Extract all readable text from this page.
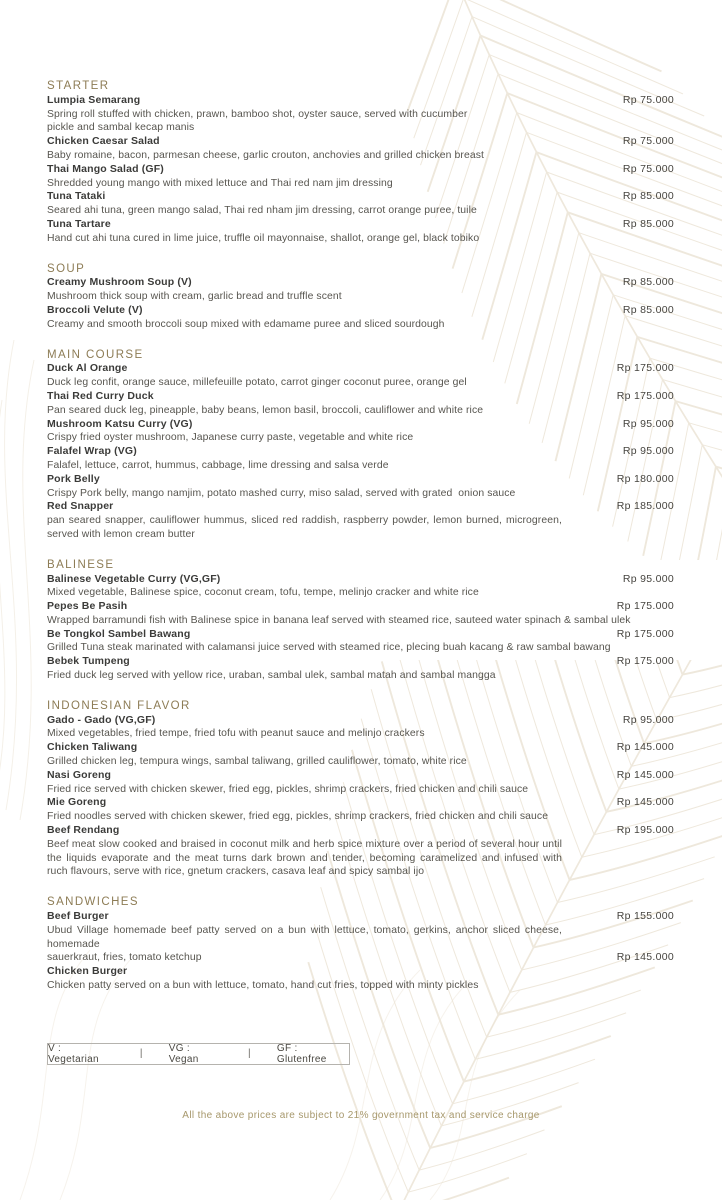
STARTER
Lumpia Semarang	Rp 75.000
Spring roll stuffed with chicken, prawn, bamboo shot, oyster sauce, served with cucumber
pickle and sambal kecap manis
Chicken Caesar Salad	Rp 75.000
Baby romaine, bacon, parmesan cheese, garlic crouton, anchovies and grilled chicken breast
Thai Mango Salad (GF)	Rp 75.000
Shredded young mango with mixed lettuce and Thai red nam jim dressing
Tuna Tataki	Rp 85.000
Seared ahi tuna, green mango salad, Thai red nham jim dressing, carrot orange puree, tuile
Tuna Tartare	Rp 85.000
Hand cut ahi tuna cured in lime juice, truffle oil mayonnaise, shallot, orange gel, black tobiko
SOUP
Creamy Mushroom Soup (V)	Rp 85.000
Mushroom thick soup with cream, garlic bread and truffle scent
Broccoli Velute (V)	Rp 85.000
Creamy and smooth broccoli soup mixed with edamame puree and sliced sourdough
MAIN COURSE
Duck Al Orange	Rp 175.000
Duck leg confit, orange sauce, millefeuille potato, carrot ginger coconut puree, orange gel
Thai Red Curry Duck	Rp 175.000
Pan seared duck leg, pineapple, baby beans, lemon basil, broccoli, cauliflower and white rice
Mushroom Katsu Curry (VG)	Rp 95.000
Crispy fried oyster mushroom, Japanese curry paste, vegetable and white rice
Falafel Wrap (VG)	Rp 95.000
Falafel, lettuce, carrot, hummus, cabbage, lime dressing and salsa verde
Pork Belly	Rp 180.000
Crispy Pork belly, mango namjim, potato mashed curry, miso salad, served with grated  onion sauce
Red Snapper	Rp 185.000
pan seared snapper, cauliflower hummus, sliced red raddish, raspberry powder, lemon burned, microgreen,
served with lemon cream butter
BALINESE
Balinese Vegetable Curry (VG,GF)	Rp 95.000
Mixed vegetable, Balinese spice, coconut cream, tofu, tempe, melinjo cracker and white rice
Pepes Be Pasih	Rp 175.000
Wrapped barramundi fish with Balinese spice in banana leaf served with steamed rice, sauteed water spinach & sambal ulek
Be Tongkol Sambel Bawang	Rp 175.000
Grilled Tuna steak marinated with calamansi juice served with steamed rice, plecing buah kacang & raw sambal bawang
Bebek Tumpeng	Rp 175.000
Fried duck leg served with yellow rice, uraban, sambal ulek, sambal matah and sambal mangga
INDONESIAN FLAVOR
Gado - Gado (VG,GF)	Rp 95.000
Mixed vegetables, fried tempe, fried tofu with peanut sauce and melinjo crackers
Chicken Taliwang	Rp 145.000
Grilled chicken leg, tempura wings, sambal taliwang, grilled cauliflower, tomato, white rice
Nasi Goreng	Rp 145.000
Fried rice served with chicken skewer, fried egg, pickles, shrimp crackers, fried chicken and chili sauce
Mie Goreng	Rp 145.000
Fried noodles served with chicken skewer, fried egg, pickles, shrimp crackers, fried chicken and chili sauce
Beef Rendang	Rp 195.000
Beef meat slow cooked and braised in coconut milk and herb spice mixture over a period of several hour until
the liquids evaporate and the meat turns dark brown and tender, becoming caramelized and infused with
ruch flavours, serve with rice, gnetum crackers, casava leaf and spicy sambal ijo
SANDWICHES
Beef Burger	Rp 155.000
Ubud Village homemade beef patty served on a bun with lettuce, tomato, gerkins, anchor sliced cheese, homemade
sauerkraut, fries, tomato ketchup	Rp 145.000
Chicken Burger
Chicken patty served on a bun with lettuce, tomato, hand cut fries, topped with minty pickles
V : Vegetarian	|	VG : Vegan	|	GF : Glutenfree
All the above prices are subject to 21% government tax and service charge
